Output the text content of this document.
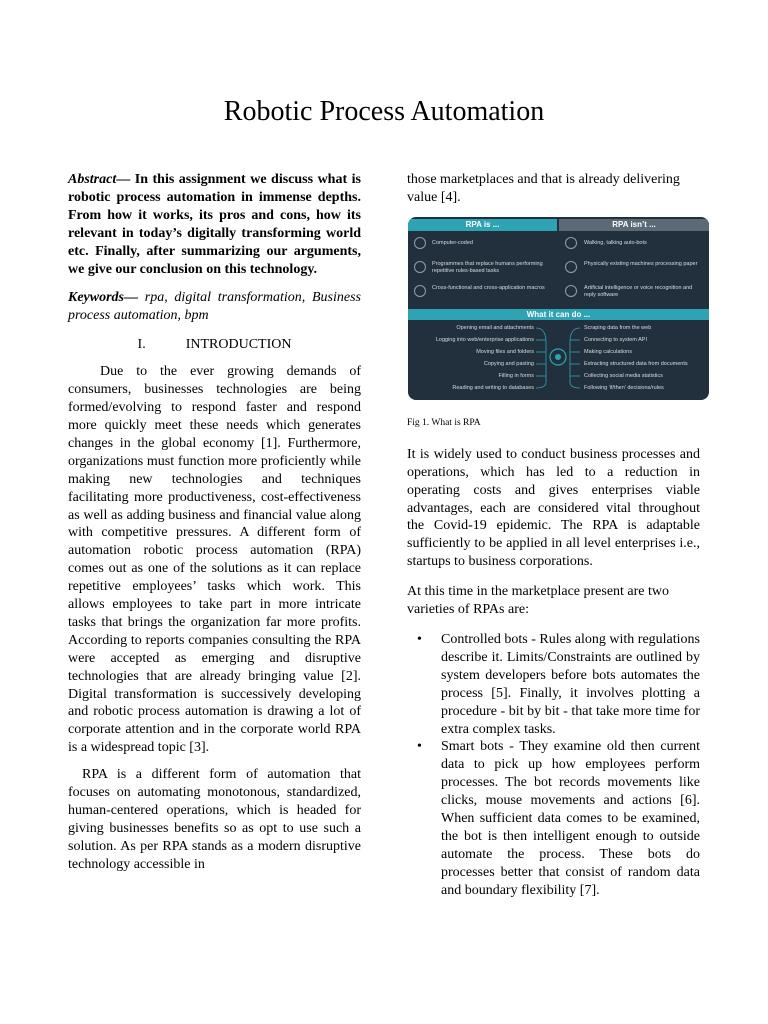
Robotic Process Automation

Abstract— In this assignment we discuss what is robotic process automation in immense depths. From how it works, its pros and cons, how its relevant in today’s digitally transforming world etc. Finally, after summarizing our arguments, we give our conclusion on this technology.

Keywords— rpa, digital transformation, Business process automation, bpm

I.	INTRODUCTION

Due to the ever growing demands of consumers, businesses technologies are being formed/evolving to respond faster and respond more quickly meet these needs which generates changes in the global economy [1]. Furthermore, organizations must function more proficiently while making new technologies and techniques facilitating more productiveness, cost-effectiveness as well as adding business and financial value along with competitive pressures. A different form of automation robotic process automation (RPA) comes out as one of the solutions as it can replace repetitive employees’ tasks which work. This allows employees to take part in more intricate tasks that brings the organization far more profits. According to reports companies consulting the RPA were accepted as emerging and disruptive technologies that are already bringing value [2]. Digital transformation is successively developing and robotic process automation is drawing a lot of corporate attention and in the corporate world RPA is a widespread topic [3].

RPA is a different form of automation that focuses on automating monotonous, standardized, human-centered operations, which is headed for giving businesses benefits so as opt to use such a solution. As per RPA stands as a modern disruptive technology accessible in

those marketplaces and that is already delivering value [4].

RPA is ...	RPA isn’t ...
Computer-coded
Programmes that replace humans performing repetitive rules-based tasks
Cross-functional and cross-application macros
Walking, talking auto-bots
Physically existing machines processing paper
Artificial intelligence or voice recognition and reply software
What it can do ...
Opening email and attachments
Logging into web/enterprise applications
Moving files and folders
Copying and pasting
Filling in forms
Reading and writing to databases
Scraping data from the web
Connecting to system API
Making calculations
Extracting structured data from documents
Collecting social media statistics
Following 'if/then' decisions/rules
Fig 1. What is RPA

It is widely used to conduct business processes and operations, which has led to a reduction in operating costs and gives enterprises viable advantages, each are considered vital throughout the Covid-19 epidemic. The RPA is adaptable sufficiently to be applied in all level enterprises i.e., startups to business corporations.

At this time in the marketplace present are two varieties of RPAs are:

• Controlled bots - Rules along with regulations describe it. Limits/Constraints are outlined by system developers before bots automates the process [5]. Finally, it involves plotting a procedure - bit by bit - that take more time for extra complex tasks.
• Smart bots - They examine old then current data to pick up how employees perform processes. The bot records movements like clicks, mouse movements and actions [6]. When sufficient data comes to be examined, the bot is then intelligent enough to outside automate the process. These bots do processes better that consist of random data and boundary flexibility [7].
